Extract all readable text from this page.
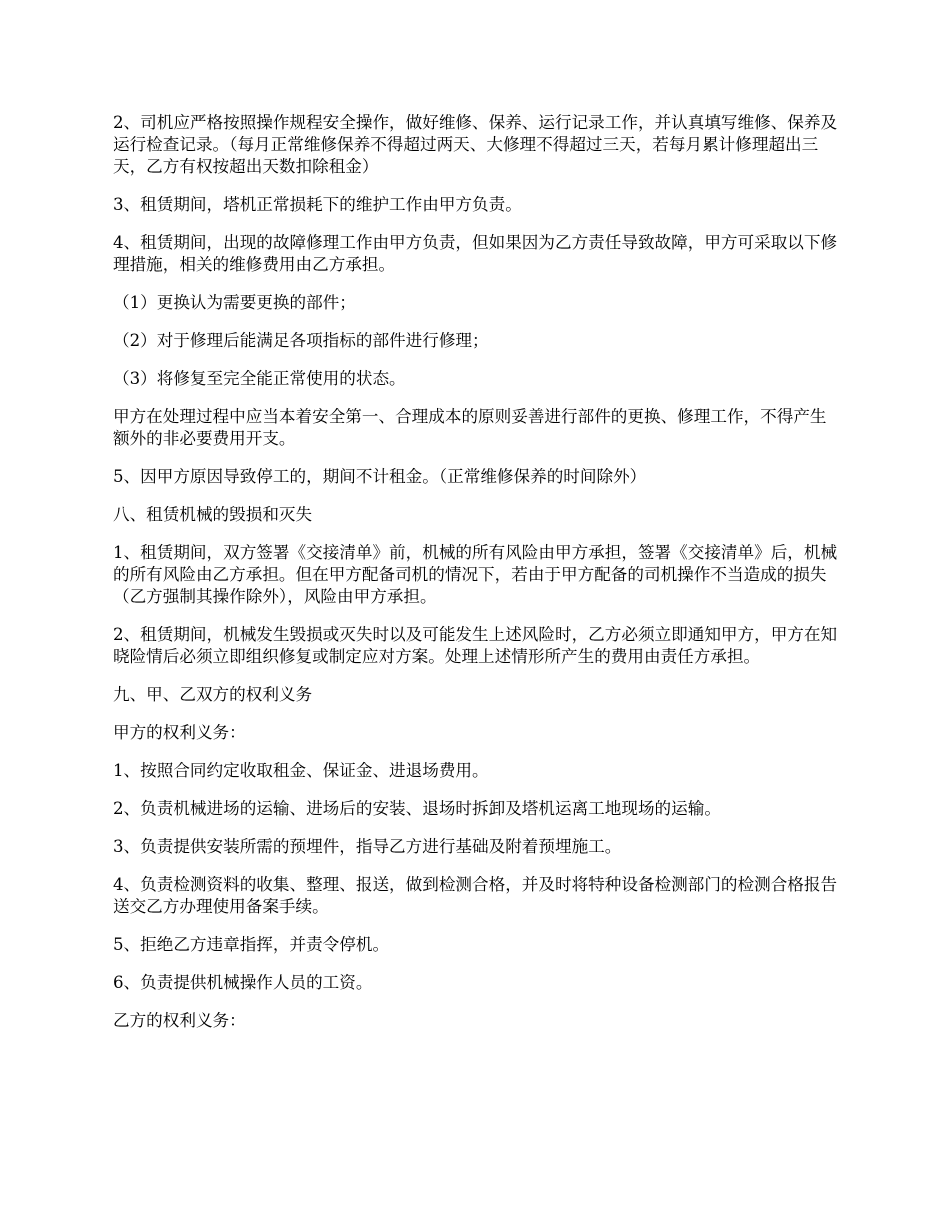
2、司机应严格按照操作规程安全操作，做好维修、保养、运行记录工作，并认真填写维修、保养及运行检查记录。（每月正常维修保养不得超过两天、大修理不得超过三天，若每月累计修理超出三天，乙方有权按超出天数扣除租金）

3、租赁期间，塔机正常损耗下的维护工作由甲方负责。

4、租赁期间，出现的故障修理工作由甲方负责，但如果因为乙方责任导致故障，甲方可采取以下修理措施，相关的维修费用由乙方承担。

（1）更换认为需要更换的部件；

（2）对于修理后能满足各项指标的部件进行修理；

（3）将修复至完全能正常使用的状态。

甲方在处理过程中应当本着安全第一、合理成本的原则妥善进行部件的更换、修理工作，不得产生额外的非必要费用开支。

5、因甲方原因导致停工的，期间不计租金。（正常维修保养的时间除外）

八、租赁机械的毁损和灭失

1、租赁期间，双方签署《交接清单》前，机械的所有风险由甲方承担，签署《交接清单》后，机械的所有风险由乙方承担。但在甲方配备司机的情况下，若由于甲方配备的司机操作不当造成的损失（乙方强制其操作除外），风险由甲方承担。

2、租赁期间，机械发生毁损或灭失时以及可能发生上述风险时，乙方必须立即通知甲方，甲方在知晓险情后必须立即组织修复或制定应对方案。处理上述情形所产生的费用由责任方承担。

九、甲、乙双方的权利义务

甲方的权利义务：

1、按照合同约定收取租金、保证金、进退场费用。

2、负责机械进场的运输、进场后的安装、退场时拆卸及塔机运离工地现场的运输。

3、负责提供安装所需的预埋件，指导乙方进行基础及附着预埋施工。

4、负责检测资料的收集、整理、报送，做到检测合格，并及时将特种设备检测部门的检测合格报告送交乙方办理使用备案手续。

5、拒绝乙方违章指挥，并责令停机。

6、负责提供机械操作人员的工资。

乙方的权利义务：
